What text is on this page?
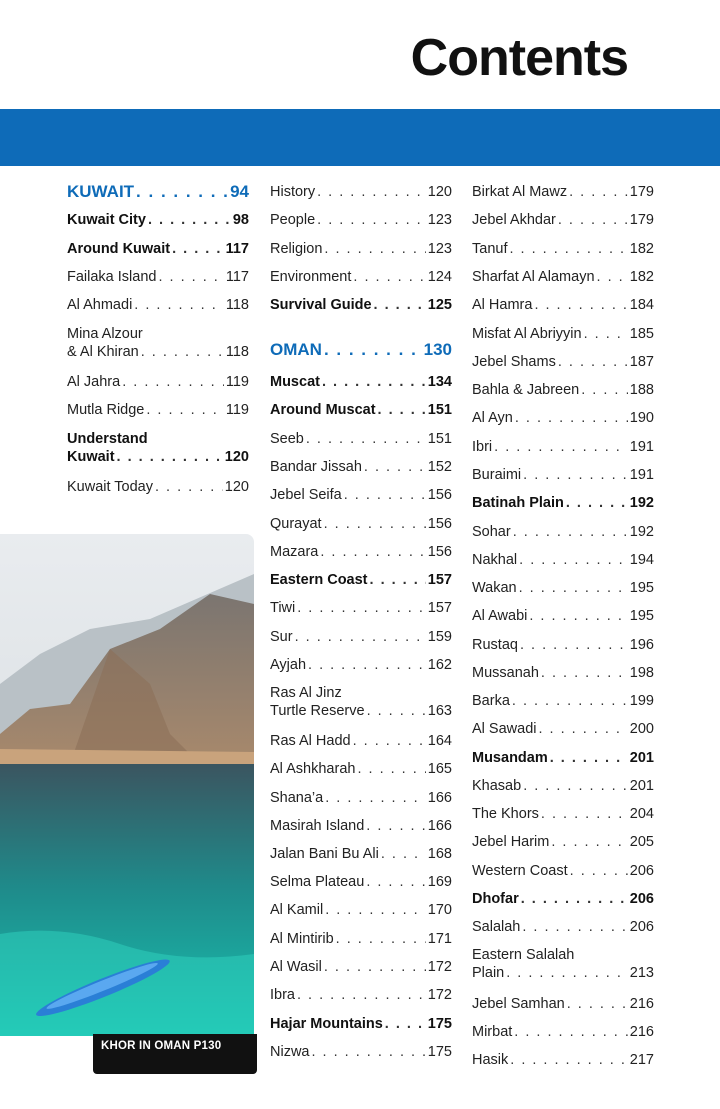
Contents
KUWAIT . . .	94
Kuwait City . . .	98
Around Kuwait . . .	117
Failaka Island . . .	117
Al Ahmadi . . .	118
Mina Alzour
& Al Khiran . . .	118
Al Jahra . . .	119
Mutla Ridge . . .	119
Understand
Kuwait . . .	120
Kuwait Today . . .	120
History . . .	120
People . . .	123
Religion . . .	123
Environment . . .	124
Survival Guide . . .	125
OMAN . . .	130
Muscat . . .	134
Around Muscat . . .	151
Seeb . . .	151
Bandar Jissah . . .	152
Jebel Seifa . . .	156
Qurayat . . .	156
Mazara . . .	156
Eastern Coast . . .	157
Tiwi . . .	157
Sur . . .	159
Ayjah . . .	162
Ras Al Jinz
Turtle Reserve . . .	163
Ras Al Hadd . . .	164
Al Ashkharah . . .	165
Shana’a . . .	166
Masirah Island . . .	166
Jalan Bani Bu Ali . . .	168
Selma Plateau . . .	169
Al Kamil . . .	170
Al Mintirib . . .	171
Al Wasil . . .	172
Ibra . . .	172
Hajar Mountains . . .	175
Nizwa . . .	175
Birkat Al Mawz . . .	179
Jebel Akhdar . . .	179
Tanuf . . .	182
Sharfat Al Alamayn . . . 182
Al Hamra . . .	184
Misfat Al Abriyyin . . .	185
Jebel Shams . . .	187
Bahla & Jabreen . . .	188
Al Ayn . . .	190
Ibri . . .	191
Buraimi . . .	191
Batinah Plain . . .	192
Sohar . . .	192
Nakhal . . .	194
Wakan . . .	195
Al Awabi . . .	195
Rustaq . . .	196
Mussanah . . .	198
Barka . . .	199
Al Sawadi . . .	200
Musandam . . .	201
Khasab . . .	201
The Khors . . .	204
Jebel Harim . . .	205
Western Coast . . .	206
Dhofar . . .	206
Salalah . . .	206
Eastern Salalah
Plain . . .	213
Jebel Samhan . . .	216
Mirbat . . .	216
Hasik . . .	217
KHOR IN OMAN P130
